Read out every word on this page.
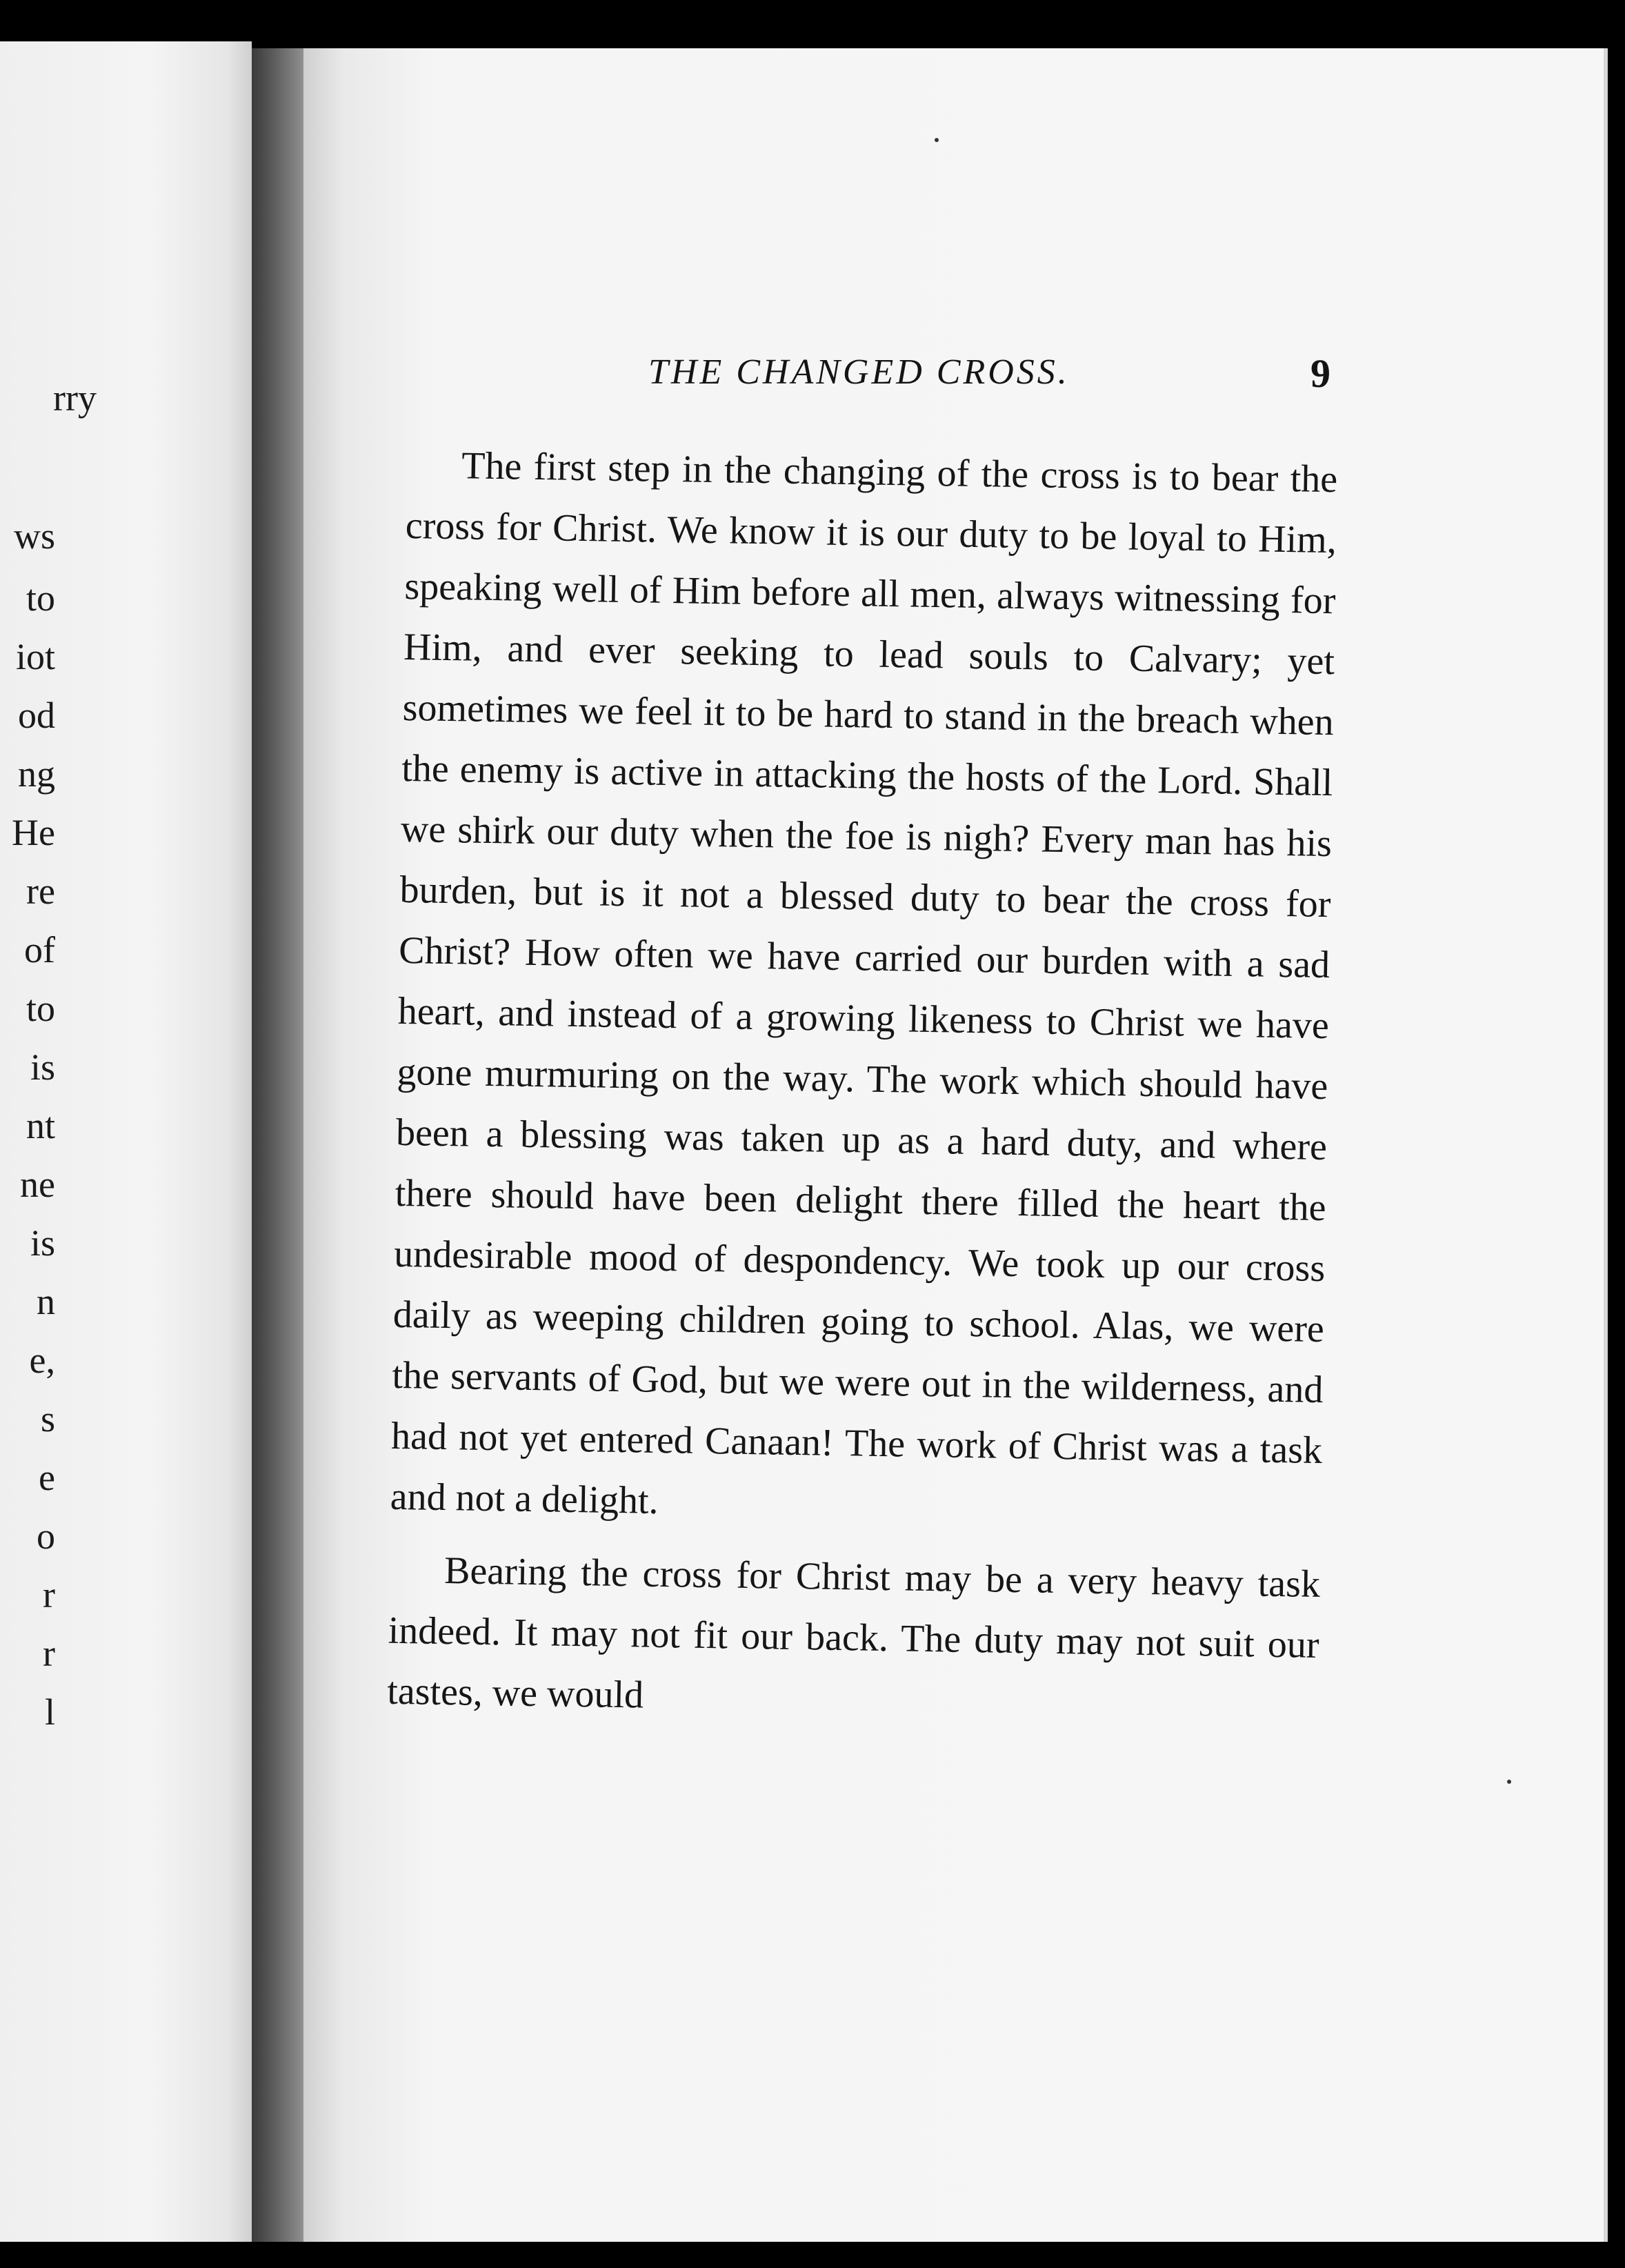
rry
ws
to
iot
od
ng
He
re
of
to
is
nt
ne
is
n
e,
s
e
o
r
r
l
THE CHANGED CROSS.	9

The first step in the changing of the cross is to bear the cross for Christ. We know it is our duty to be loyal to Him, speaking well of Him before all men, always witnessing for Him, and ever seeking to lead souls to Calvary; yet sometimes we feel it to be hard to stand in the breach when the enemy is active in attacking the hosts of the Lord. Shall we shirk our duty when the foe is nigh? Every man has his burden, but is it not a blessed duty to bear the cross for Christ? How often we have carried our burden with a sad heart, and instead of a growing likeness to Christ we have gone murmuring on the way. The work which should have been a blessing was taken up as a hard duty, and where there should have been delight there filled the heart the undesirable mood of despondency. We took up our cross daily as weeping children going to school. Alas, we were the servants of God, but we were out in the wilderness, and had not yet entered Canaan! The work of Christ was a task and not a delight.

Bearing the cross for Christ may be a very heavy task indeed. It may not fit our back. The duty may not suit our tastes, we would
